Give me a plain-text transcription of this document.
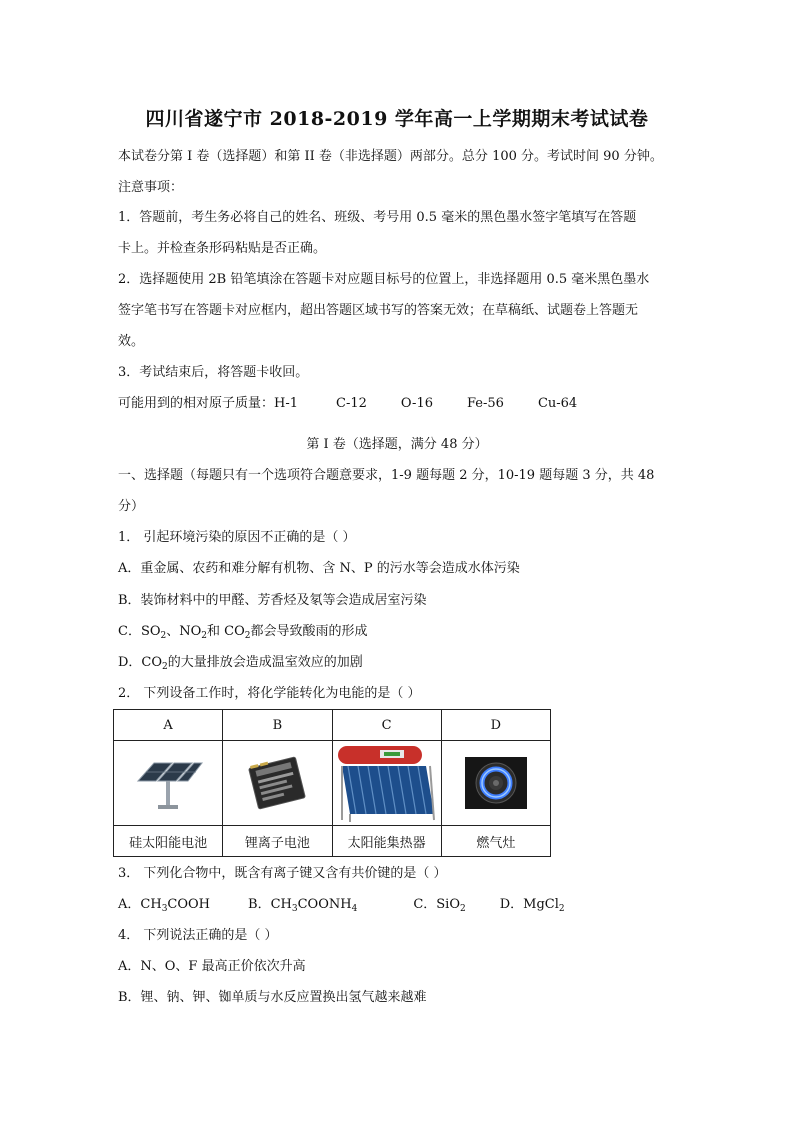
四川省遂宁市 2018-2019 学年高一上学期期末考试试卷
本试卷分第 I 卷（选择题）和第 II 卷（非选择题）两部分。总分 100 分。考试时间 90 分钟。
注意事项：
1．答题前，考生务必将自己的姓名、班级、考号用 0.5 毫米的黑色墨水签字笔填写在答题
卡上。并检查条形码粘贴是否正确。
2．选择题使用 2B 铅笔填涂在答题卡对应题目标号的位置上，非选择题用 0.5 毫米黑色墨水
签字笔书写在答题卡对应框内，超出答题区域书写的答案无效；在草稿纸、试题卷上答题无
效。
3．考试结束后，将答题卡收回。
可能用到的相对原子质量：H-1	C-12	O-16	Fe-56	Cu-64
第 I 卷（选择题，满分 48 分）
一、选择题（每题只有一个选项符合题意要求，1-9 题每题 2 分，10-19 题每题 3 分，共 48
分）
1． 引起环境污染的原因不正确的是（ ）
A．重金属、农药和难分解有机物、含 N、P 的污水等会造成水体污染
B．装饰材料中的甲醛、芳香烃及氡等会造成居室污染
C．$SO_2$、$NO_2$和 $CO_2$都会导致酸雨的形成
D．$CO_2$的大量排放会造成温室效应的加剧
2． 下列设备工作时，将化学能转化为电能的是（ ）
A	B	C	D

硅太阳能电池	锂离子电池	太阳能集热器	燃气灶
3． 下列化合物中，既含有离子键又含有共价键的是（ ）
A．$CH_3COOH$	B．$CH_3COONH_4$	C．SiO$_2$	D．MgCl$_2$
4． 下列说法正确的是（ ）
A．N、O、F 最高正价依次升高
B．锂、钠、钾、铷单质与水反应置换出氢气越来越难
